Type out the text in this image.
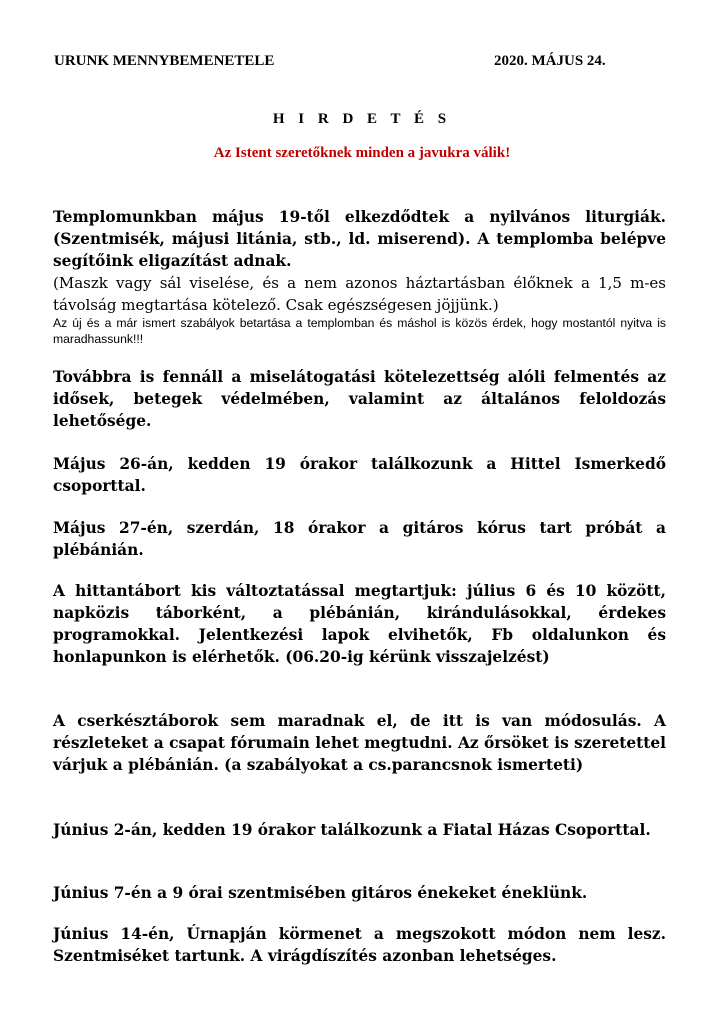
URUNK MENNYBEMENETELE	2020. MÁJUS 24.
H I R D E T É S
Az Istent szeretőknek minden a javukra válik!
Templomunkban május 19-től elkezdődtek a nyilvános liturgiák. (Szentmisék, májusi litánia, stb., ld. miserend). A templomba belépve segítőink eligazítást adnak.
(Maszk vagy sál viselése, és a nem azonos háztartásban élőknek a 1,5 m-es távolság megtartása kötelező. Csak egészségesen jöjjünk.)
Az új és a már ismert szabályok betartása a templomban és máshol is közös érdek, hogy mostantól nyitva is maradhassunk!!!
Továbbra is fennáll a miselátogatási kötelezettség alóli felmentés az idősek, betegek védelmében, valamint az általános feloldozás lehetősége.
Május 26-án, kedden 19 órakor találkozunk a Hittel Ismerkedő csoporttal.
Május 27-én, szerdán, 18 órakor a gitáros kórus tart próbát a plébánián.
A hittantábort kis változtatással megtartjuk: július 6 és 10 között, napközis táborként, a plébánián, kirándulásokkal, érdekes programokkal. Jelentkezési lapok elvihetők, Fb oldalunkon és honlapunkon is elérhetők. (06.20-ig kérünk visszajelzést)
A cserkésztáborok sem maradnak el, de itt is van módosulás. A részleteket a csapat fórumain lehet megtudni. Az őrsöket is szeretettel várjuk a plébánián. (a szabályokat a cs.parancsnok ismerteti)
Június 2-án, kedden 19 órakor találkozunk a Fiatal Házas Csoporttal.
Június 7-én a 9 órai szentmisében gitáros énekeket éneklünk.
Június 14-én, Úrnapján körmenet a megszokott módon nem lesz. Szentmiséket tartunk. A virágdíszítés azonban lehetséges.
